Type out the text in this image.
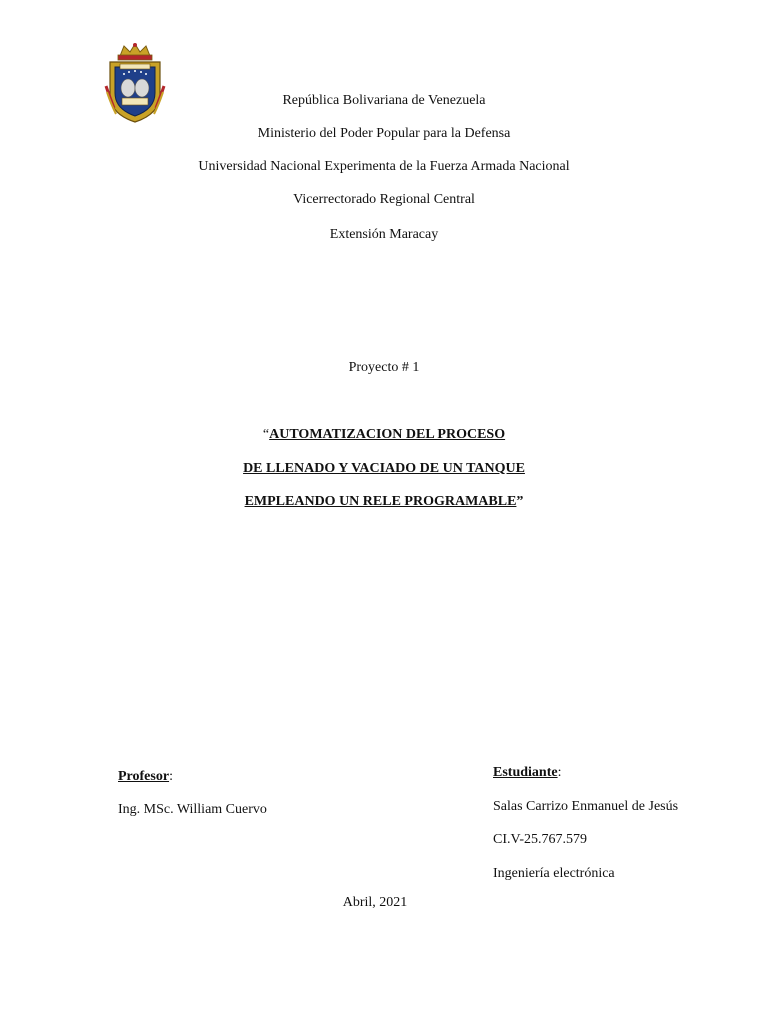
República Bolivariana de Venezuela
Ministerio del Poder Popular para la Defensa
Universidad Nacional Experimenta de la Fuerza Armada Nacional
Vicerrectorado Regional Central
Extensión Maracay
Proyecto # 1
“AUTOMATIZACION DEL PROCESO
DE LLENADO Y VACIADO DE UN TANQUE
EMPLEANDO UN RELE PROGRAMABLE”
Profesor:
Ing. MSc. William Cuervo
Estudiante:
Salas Carrizo Enmanuel de Jesús
CI.V-25.767.579
Ingeniería electrónica
Abril, 2021
